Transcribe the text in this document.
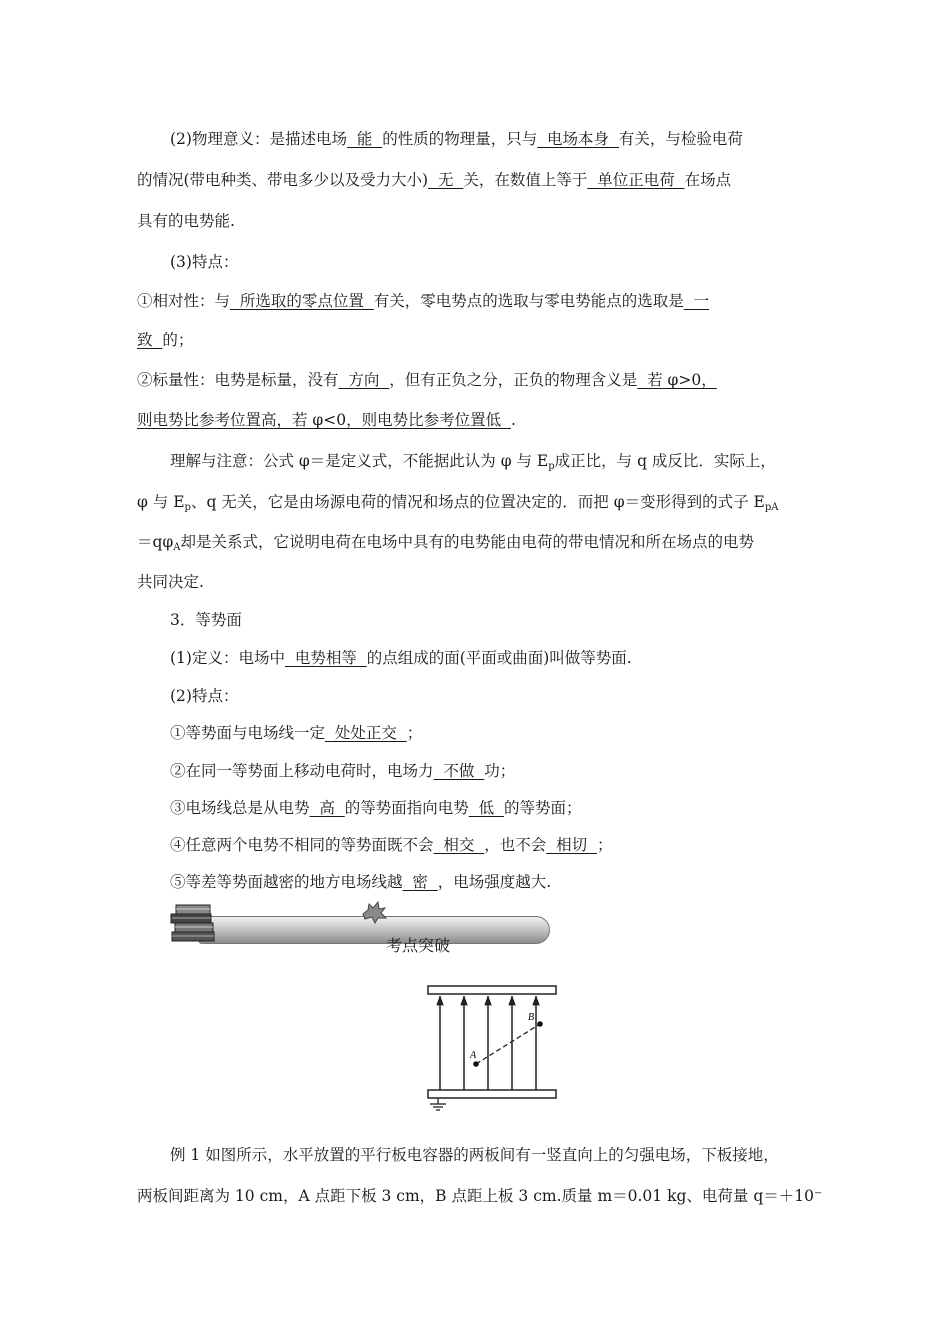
(2)物理意义：是描述电场  能  的性质的物理量，只与  电场本身  有关，与检验电荷
的情况(带电种类、带电多少以及受力大小)  无  关，在数值上等于  单位正电荷  在场点
具有的电势能.
(3)特点：
①相对性：与  所选取的零点位置  有关，零电势点的选取与零电势能点的选取是  一
致  的；
②标量性：电势是标量，没有  方向  ，但有正负之分，正负的物理含义是  若 φ>0，
则电势比参考位置高，若 φ<0，则电势比参考位置低  .
理解与注意：公式 φ＝是定义式，不能据此认为 φ 与 $E_p$成正比，与 q 成反比．实际上，
φ 与 $E_p$、q 无关，它是由场源电荷的情况和场点的位置决定的．而把 φ＝变形得到的式子 $E_{pA}$
$=q\varphi_A$却是关系式，它说明电荷在电场中具有的电势能由电荷的带电情况和所在场点的电势
共同决定.
3．等势面
(1)定义：电场中  电势相等  的点组成的面(平面或曲面)叫做等势面.
(2)特点：
①等势面与电场线一定  处处正交  ；
②在同一等势面上移动电荷时，电场力  不做  功；
③电场线总是从电势  高  的等势面指向电势  低  的等势面；
④任意两个电势不相同的等势面既不会  相交  ，也不会  相切  ；
⑤等差等势面越密的地方电场线越  密  ，电场强度越大.
考点突破
A
B
例 1 如图所示，水平放置的平行板电容器的两板间有一竖直向上的匀强电场，下板接地，
两板间距离为 10 cm，A 点距下板 3 cm，B 点距上板 3 cm.质量 m＝0.01 kg、电荷量 q＝＋10⁻
